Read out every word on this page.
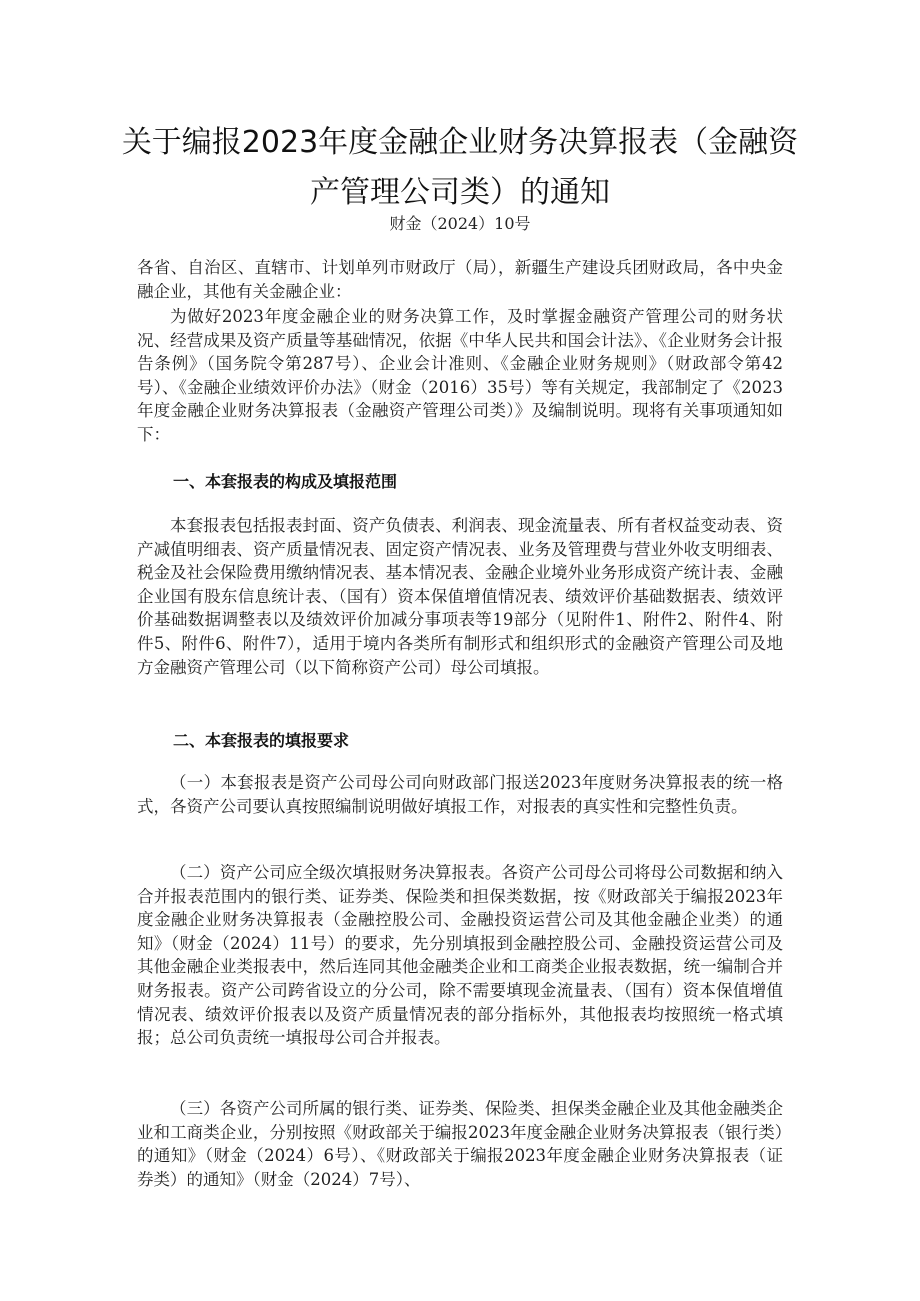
关于编报2023年度金融企业财务决算报表（金融资
产管理公司类）的通知
财金（2024）10号

各省、自治区、直辖市、计划单列市财政厅（局），新疆生产建设兵团财政局，各中央金融企业，其他有关金融企业：

为做好2023年度金融企业的财务决算工作，及时掌握金融资产管理公司的财务状况、经营成果及资产质量等基础情况，依据《中华人民共和国会计法》、《企业财务会计报告条例》（国务院令第287号）、企业会计准则、《金融企业财务规则》（财政部令第42号）、《金融企业绩效评价办法》（财金（2016）35号）等有关规定，我部制定了《2023年度金融企业财务决算报表（金融资产管理公司类）》及编制说明。现将有关事项通知如下：

一、本套报表的构成及填报范围

本套报表包括报表封面、资产负债表、利润表、现金流量表、所有者权益变动表、资产减值明细表、资产质量情况表、固定资产情况表、业务及管理费与营业外收支明细表、税金及社会保险费用缴纳情况表、基本情况表、金融企业境外业务形成资产统计表、金融企业国有股东信息统计表、（国有）资本保值增值情况表、绩效评价基础数据表、绩效评价基础数据调整表以及绩效评价加减分事项表等19部分（见附件1、附件2、附件4、附件5、附件6、附件7），适用于境内各类所有制形式和组织形式的金融资产管理公司及地方金融资产管理公司（以下简称资产公司）母公司填报。

二、本套报表的填报要求

（一）本套报表是资产公司母公司向财政部门报送2023年度财务决算报表的统一格式，各资产公司要认真按照编制说明做好填报工作，对报表的真实性和完整性负责。

（二）资产公司应全级次填报财务决算报表。各资产公司母公司将母公司数据和纳入合并报表范围内的银行类、证券类、保险类和担保类数据，按《财政部关于编报2023年度金融企业财务决算报表（金融控股公司、金融投资运营公司及其他金融企业类）的通知》（财金（2024）11号）的要求，先分别填报到金融控股公司、金融投资运营公司及其他金融企业类报表中，然后连同其他金融类企业和工商类企业报表数据，统一编制合并财务报表。资产公司跨省设立的分公司，除不需要填现金流量表、（国有）资本保值增值情况表、绩效评价报表以及资产质量情况表的部分指标外，其他报表均按照统一格式填报；总公司负责统一填报母公司合并报表。

（三）各资产公司所属的银行类、证券类、保险类、担保类金融企业及其他金融类企业和工商类企业，分别按照《财政部关于编报2023年度金融企业财务决算报表（银行类）的通知》（财金（2024）6号）、《财政部关于编报2023年度金融企业财务决算报表（证券类）的通知》（财金（2024）7号）、
